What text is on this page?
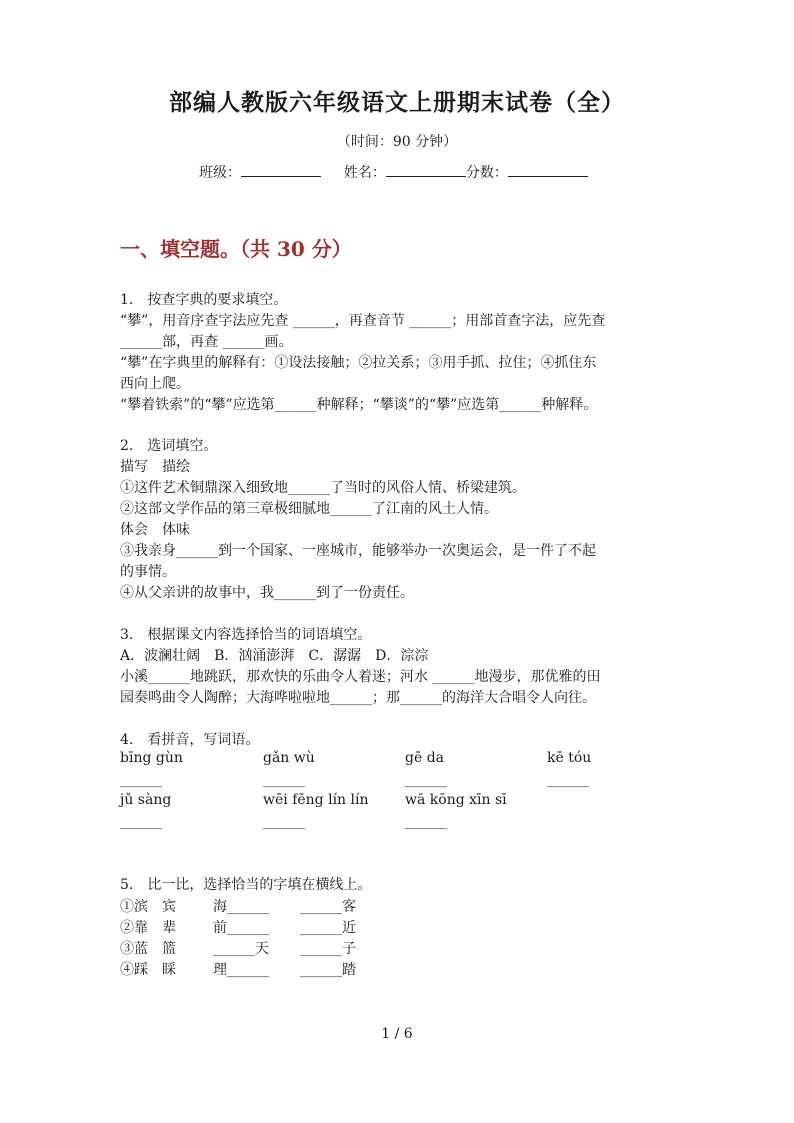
部编人教版六年级语文上册期末试卷（全）
（时间：90 分钟）
班级：	姓名：	分数：
一、填空题。（共 30 分）
1.　按查字典的要求填空。
“攀”，用音序查字法应先查 ______，再查音节 ______；用部首查字法，应先查
______部，再查 ______画。
“攀”在字典里的解释有：①设法接触；②拉关系；③用手抓、拉住；④抓住东
西向上爬。
“攀着铁索”的“攀”应选第______种解释；“攀谈”的“攀”应选第______种解释。
2.　选词填空。
描写　描绘
①这件艺术铜鼎深入细致地______了当时的风俗人情、桥梁建筑。
②这部文学作品的第三章极细腻地______了江南的风土人情。
体会　体味
③我亲身______到一个国家、一座城市，能够举办一次奥运会，是一件了不起
的事情。
④从父亲讲的故事中，我______到了一份责任。
3.　根据课文内容选择恰当的词语填空。
A．波澜壮阔　B．汹涌澎湃　C．潺潺　D．淙淙
小溪______地跳跃，那欢快的乐曲令人着迷；河水 ______地漫步，那优雅的田
园奏鸣曲令人陶醉；大海哗啦啦地______；那______的海洋大合唱令人向往。
4.　看拼音，写词语。
bīng gùn	gǎn wù	gē da	kē tóu
______	______	______	______
jǔ sàng	wēi fēng lín lín	wā kōng xīn sī
______	______	______
5.　比一比，选择恰当的字填在横线上。
①滨　宾	海______ ______客
②靠　辈	前______ ______近
③蓝　篮	______天 ______子
④踩　睬	理______ ______踏
1 / 6
